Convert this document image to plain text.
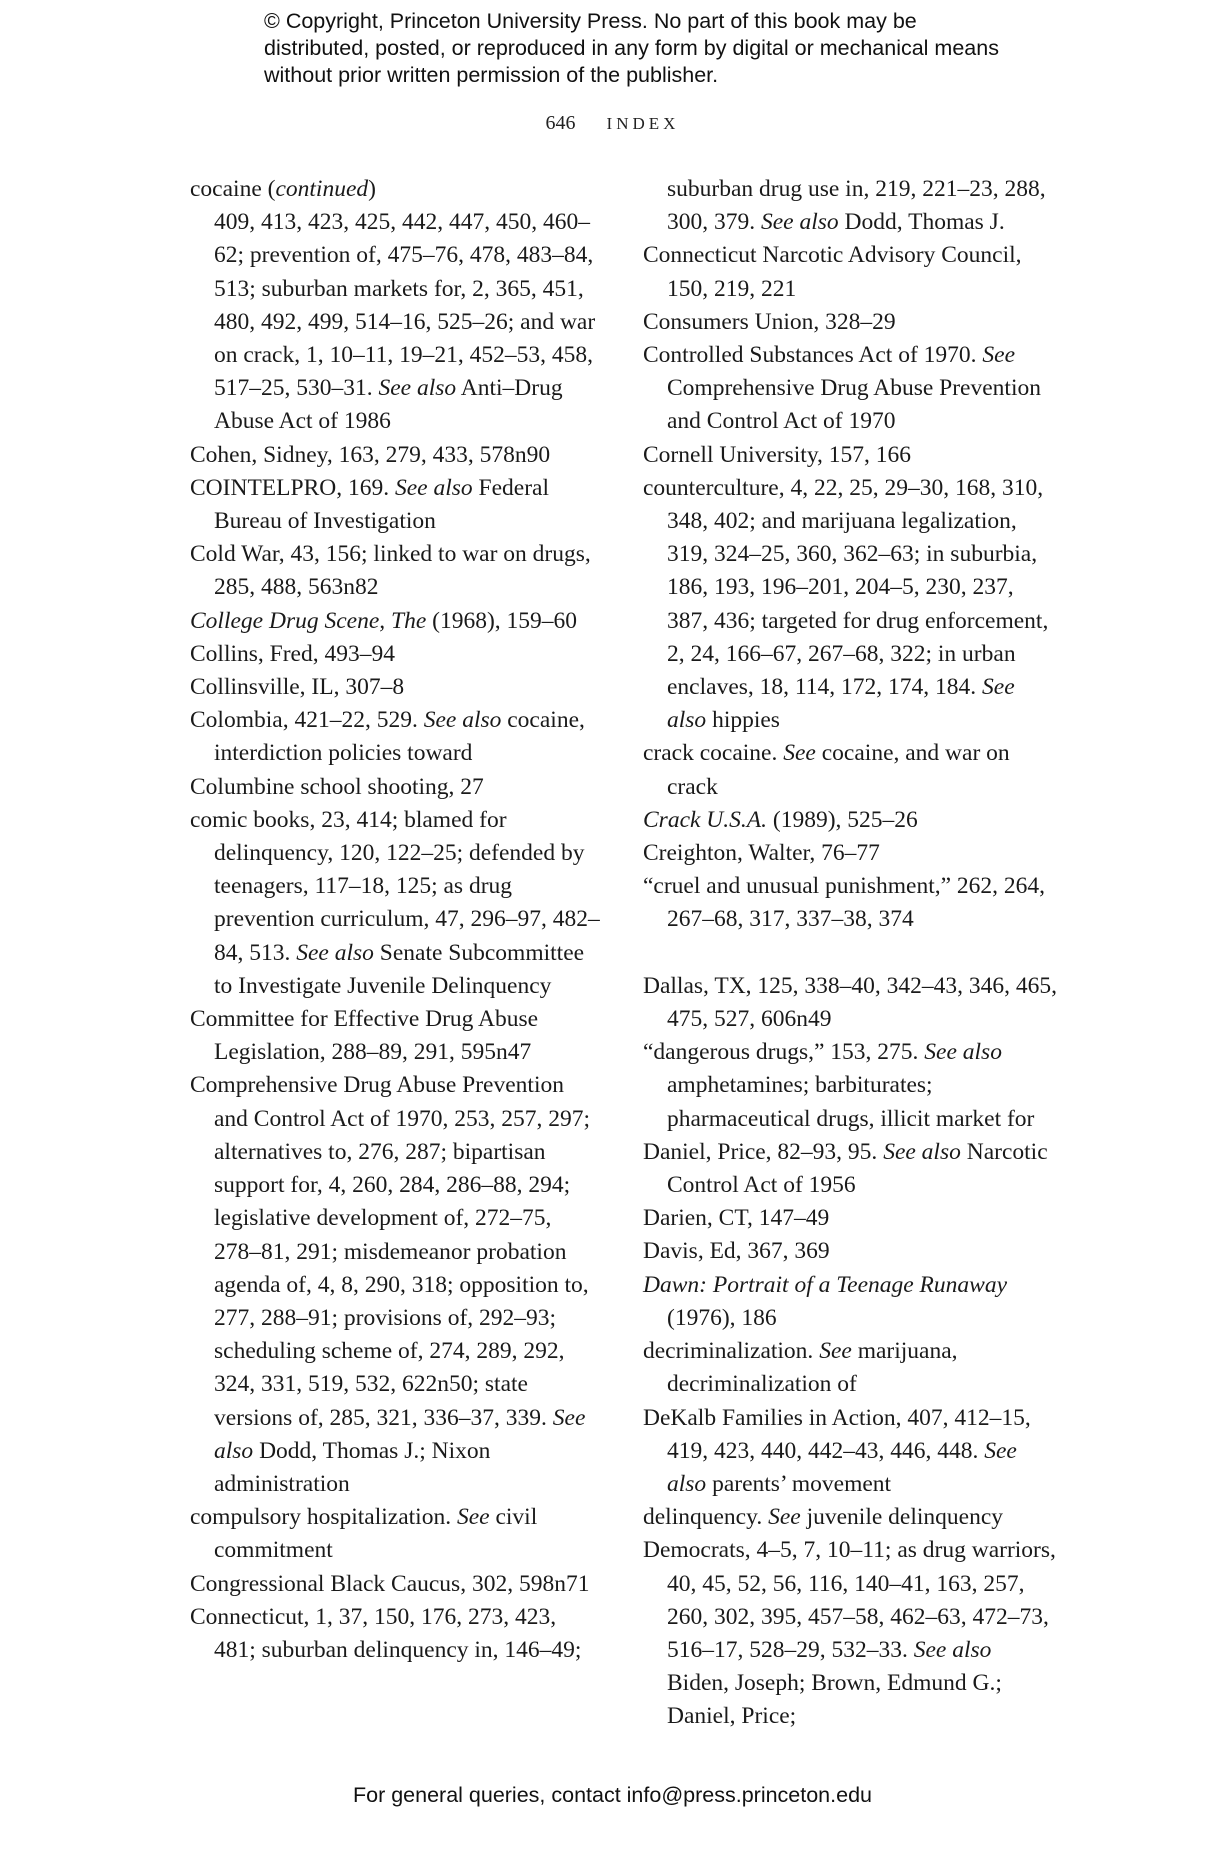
© Copyright, Princeton University Press. No part of this book may be distributed, posted, or reproduced in any form by digital or mechanical means without prior written permission of the publisher.
646 INDEX

cocaine (continued)

409, 413, 423, 425, 442, 447, 450, 460–62; prevention of, 475–76, 478, 483–84, 513; suburban markets for, 2, 365, 451, 480, 492, 499, 514–16, 525–26; and war on crack, 1, 10–11, 19–21, 452–53, 458, 517–25, 530–31. See also Anti–Drug Abuse Act of 1986

Cohen, Sidney, 163, 279, 433, 578n90

COINTELPRO, 169. See also Federal Bureau of Investigation

Cold War, 43, 156; linked to war on drugs, 285, 488, 563n82

College Drug Scene, The (1968), 159–60

Collins, Fred, 493–94

Collinsville, IL, 307–8

Colombia, 421–22, 529. See also cocaine, interdiction policies toward

Columbine school shooting, 27

comic books, 23, 414; blamed for delinquency, 120, 122–25; defended by teenagers, 117–18, 125; as drug prevention curriculum, 47, 296–97, 482–84, 513. See also Senate Subcommittee to Investigate Juvenile Delinquency

Committee for Effective Drug Abuse Legislation, 288–89, 291, 595n47

Comprehensive Drug Abuse Prevention and Control Act of 1970, 253, 257, 297; alternatives to, 276, 287; bipartisan support for, 4, 260, 284, 286–88, 294; legislative development of, 272–75, 278–81, 291; misdemeanor probation agenda of, 4, 8, 290, 318; opposition to, 277, 288–91; provisions of, 292–93; scheduling scheme of, 274, 289, 292, 324, 331, 519, 532, 622n50; state versions of, 285, 321, 336–37, 339. See also Dodd, Thomas J.; Nixon administration

compulsory hospitalization. See civil commitment

Congressional Black Caucus, 302, 598n71

Connecticut, 1, 37, 150, 176, 273, 423, 481; suburban delinquency in, 146–49;

suburban drug use in, 219, 221–23, 288, 300, 379. See also Dodd, Thomas J.

Connecticut Narcotic Advisory Council, 150, 219, 221

Consumers Union, 328–29

Controlled Substances Act of 1970. See Comprehensive Drug Abuse Prevention and Control Act of 1970

Cornell University, 157, 166

counterculture, 4, 22, 25, 29–30, 168, 310, 348, 402; and marijuana legalization, 319, 324–25, 360, 362–63; in suburbia, 186, 193, 196–201, 204–5, 230, 237, 387, 436; targeted for drug enforcement, 2, 24, 166–67, 267–68, 322; in urban enclaves, 18, 114, 172, 174, 184. See also hippies

crack cocaine. See cocaine, and war on crack

Crack U.S.A. (1989), 525–26

Creighton, Walter, 76–77

“cruel and unusual punishment,” 262, 264, 267–68, 317, 337–38, 374

Dallas, TX, 125, 338–40, 342–43, 346, 465, 475, 527, 606n49

“dangerous drugs,” 153, 275. See also amphetamines; barbiturates; pharmaceutical drugs, illicit market for

Daniel, Price, 82–93, 95. See also Narcotic Control Act of 1956

Darien, CT, 147–49

Davis, Ed, 367, 369

Dawn: Portrait of a Teenage Runaway (1976), 186

decriminalization. See marijuana, decriminalization of

DeKalb Families in Action, 407, 412–15, 419, 423, 440, 442–43, 446, 448. See also parents’ movement

delinquency. See juvenile delinquency

Democrats, 4–5, 7, 10–11; as drug warriors, 40, 45, 52, 56, 116, 140–41, 163, 257, 260, 302, 395, 457–58, 462–63, 472–73, 516–17, 528–29, 532–33. See also Biden, Joseph; Brown, Edmund G.; Daniel, Price;

For general queries, contact info@press.princeton.edu
